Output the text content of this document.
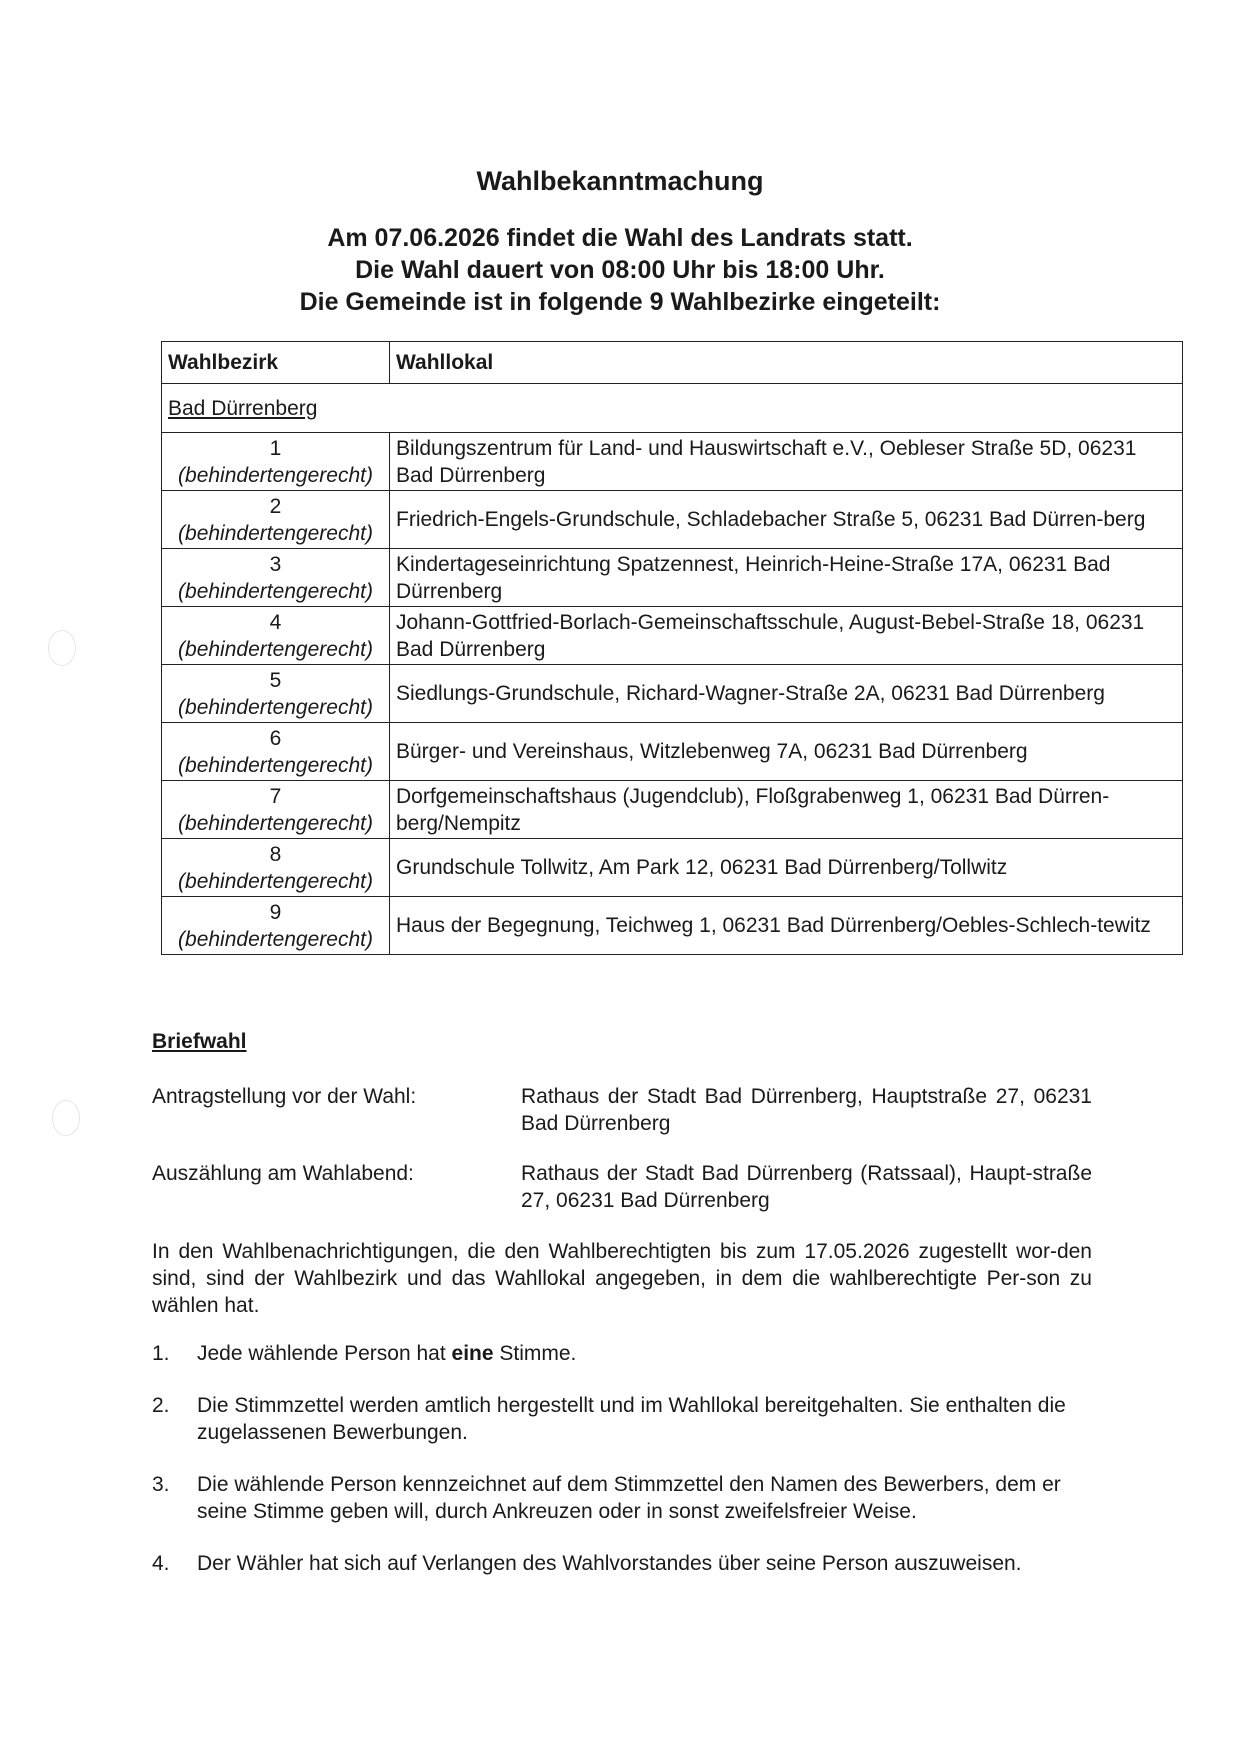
Wahlbekanntmachung
Am 07.06.2026 findet die Wahl des Landrats statt.
Die Wahl dauert von 08:00 Uhr bis 18:00 Uhr.
Die Gemeinde ist in folgende 9 Wahlbezirke eingeteilt:
Wahlbezirk	Wahllokal
Bad Dürrenberg	

1
(behindertengerecht)	Bildungszentrum für Land- und Hauswirtschaft e.V., Oebleser Straße 5D, 06231 Bad Dürrenberg

2
(behindertengerecht)	Friedrich-Engels-Grundschule, Schladebacher Straße 5, 06231 Bad Dürren-berg

3
(behindertengerecht)	Kindertageseinrichtung Spatzennest, Heinrich-Heine-Straße 17A, 06231 Bad Dürrenberg

4
(behindertengerecht)	Johann-Gottfried-Borlach-Gemeinschaftsschule, August-Bebel-Straße 18, 06231 Bad Dürrenberg

5
(behindertengerecht)	Siedlungs-Grundschule, Richard-Wagner-Straße 2A, 06231 Bad Dürrenberg

6
(behindertengerecht)	Bürger- und Vereinshaus, Witzlebenweg 7A, 06231 Bad Dürrenberg

7
(behindertengerecht)	Dorfgemeinschaftshaus (Jugendclub), Floßgrabenweg 1, 06231 Bad Dürren-berg/Nempitz

8
(behindertengerecht)	Grundschule Tollwitz, Am Park 12, 06231 Bad Dürrenberg/Tollwitz

9
(behindertengerecht)	Haus der Begegnung, Teichweg 1, 06231 Bad Dürrenberg/Oebles-Schlech-tewitz
Briefwahl
Antragstellung vor der Wahl:	Rathaus der Stadt Bad Dürrenberg, Hauptstraße 27, 06231 Bad Dürrenberg
Auszählung am Wahlabend:	Rathaus der Stadt Bad Dürrenberg (Ratssaal), Haupt-straße 27, 06231 Bad Dürrenberg

In den Wahlbenachrichtigungen, die den Wahlberechtigten bis zum 17.05.2026 zugestellt wor-den sind, sind der Wahlbezirk und das Wahllokal angegeben, in dem die wahlberechtigte Per-son zu wählen hat.

1. Jede wählende Person hat eine Stimme.
2. Die Stimmzettel werden amtlich hergestellt und im Wahllokal bereitgehalten. Sie enthalten die zugelassenen Bewerbungen.
3. Die wählende Person kennzeichnet auf dem Stimmzettel den Namen des Bewerbers, dem er seine Stimme geben will, durch Ankreuzen oder in sonst zweifelsfreier Weise.
4. Der Wähler hat sich auf Verlangen des Wahlvorstandes über seine Person auszuweisen.
